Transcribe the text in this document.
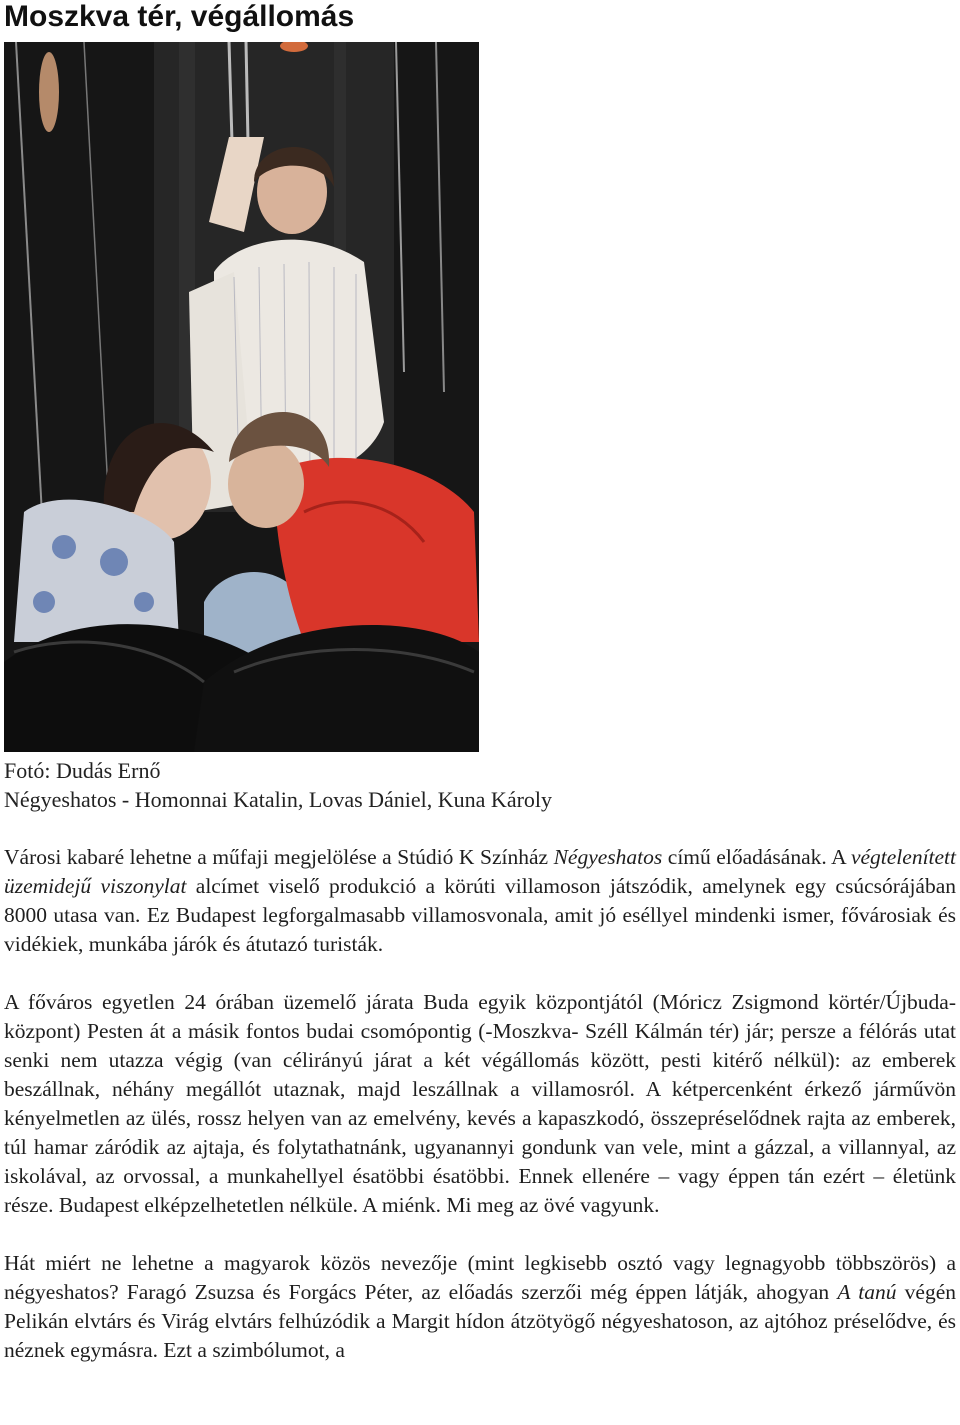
Moszkva tér, végállomás
Fotó: Dudás Ernő
Négyeshatos - Homonnai Katalin, Lovas Dániel, Kuna Károly

Városi kabaré lehetne a műfaji megjelölése a Stúdió K Színház Négyeshatos című előadásának. A végtelenített üzemidejű viszonylat alcímet viselő produkció a körúti villamoson játszódik, amelynek egy csúcsórájában 8000 utasa van. Ez Budapest legforgalmasabb villamosvonala, amit jó eséllyel mindenki ismer, fővárosiak és vidékiek, munkába járók és átutazó turisták.

A főváros egyetlen 24 órában üzemelő járata Buda egyik központjától (Móricz Zsigmond körtér/Újbuda-központ) Pesten át a másik fontos budai csomópontig (-Moszkva- Széll Kálmán tér) jár; persze a félórás utat senki nem utazza végig (van célirányú járat a két végállomás között, pesti kitérő nélkül): az emberek beszállnak, néhány megállót utaznak, majd leszállnak a villamosról. A kétpercenként érkező járművön kényelmetlen az ülés, rossz helyen van az emelvény, kevés a kapaszkodó, összepréselődnek rajta az emberek, túl hamar záródik az ajtaja, és folytathatnánk, ugyanannyi gondunk van vele, mint a gázzal, a villannyal, az iskolával, az orvossal, a munkahellyel ésatöbbi ésatöbbi. Ennek ellenére – vagy éppen tán ezért – életünk része. Budapest elképzelhetetlen nélküle. A miénk. Mi meg az övé vagyunk.

Hát miért ne lehetne a magyarok közös nevezője (mint legkisebb osztó vagy legnagyobb többszörös) a négyeshatos? Faragó Zsuzsa és Forgács Péter, az előadás szerzői még éppen látják, ahogyan A tanú végén Pelikán elvtárs és Virág elvtárs felhúzódik a Margit hídon átzötyögő négyeshatoson, az ajtóhoz préselődve, és néznek egymásra. Ezt a szimbólumot, a
